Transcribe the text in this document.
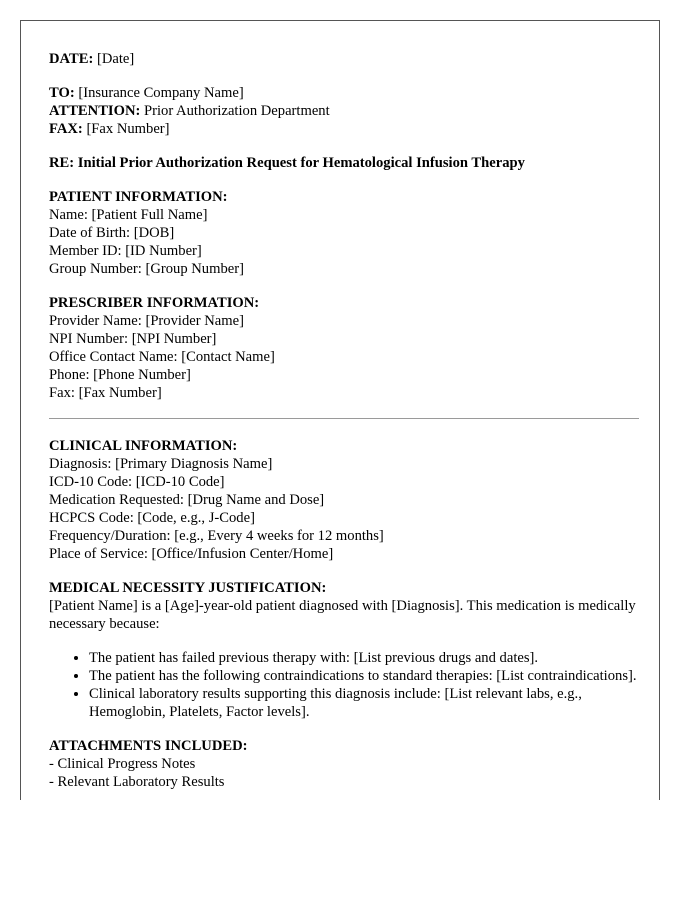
DATE: [Date]
TO: [Insurance Company Name]
ATTENTION: Prior Authorization Department
FAX: [Fax Number]
RE: Initial Prior Authorization Request for Hematological Infusion Therapy
PATIENT INFORMATION:
Name: [Patient Full Name]
Date of Birth: [DOB]
Member ID: [ID Number]
Group Number: [Group Number]
PRESCRIBER INFORMATION:
Provider Name: [Provider Name]
NPI Number: [NPI Number]
Office Contact Name: [Contact Name]
Phone: [Phone Number]
Fax: [Fax Number]
CLINICAL INFORMATION:
Diagnosis: [Primary Diagnosis Name]
ICD-10 Code: [ICD-10 Code]
Medication Requested: [Drug Name and Dose]
HCPCS Code: [Code, e.g., J-Code]
Frequency/Duration: [e.g., Every 4 weeks for 12 months]
Place of Service: [Office/Infusion Center/Home]
MEDICAL NECESSITY JUSTIFICATION:

[Patient Name] is a [Age]-year-old patient diagnosed with [Diagnosis]. This medication is medically necessary because:

• The patient has failed previous therapy with: [List previous drugs and dates].
• The patient has the following contraindications to standard therapies: [List contraindications].
• Clinical laboratory results supporting this diagnosis include: [List relevant labs, e.g., Hemoglobin, Platelets, Factor levels].
ATTACHMENTS INCLUDED:
- Clinical Progress Notes
- Relevant Laboratory Results
